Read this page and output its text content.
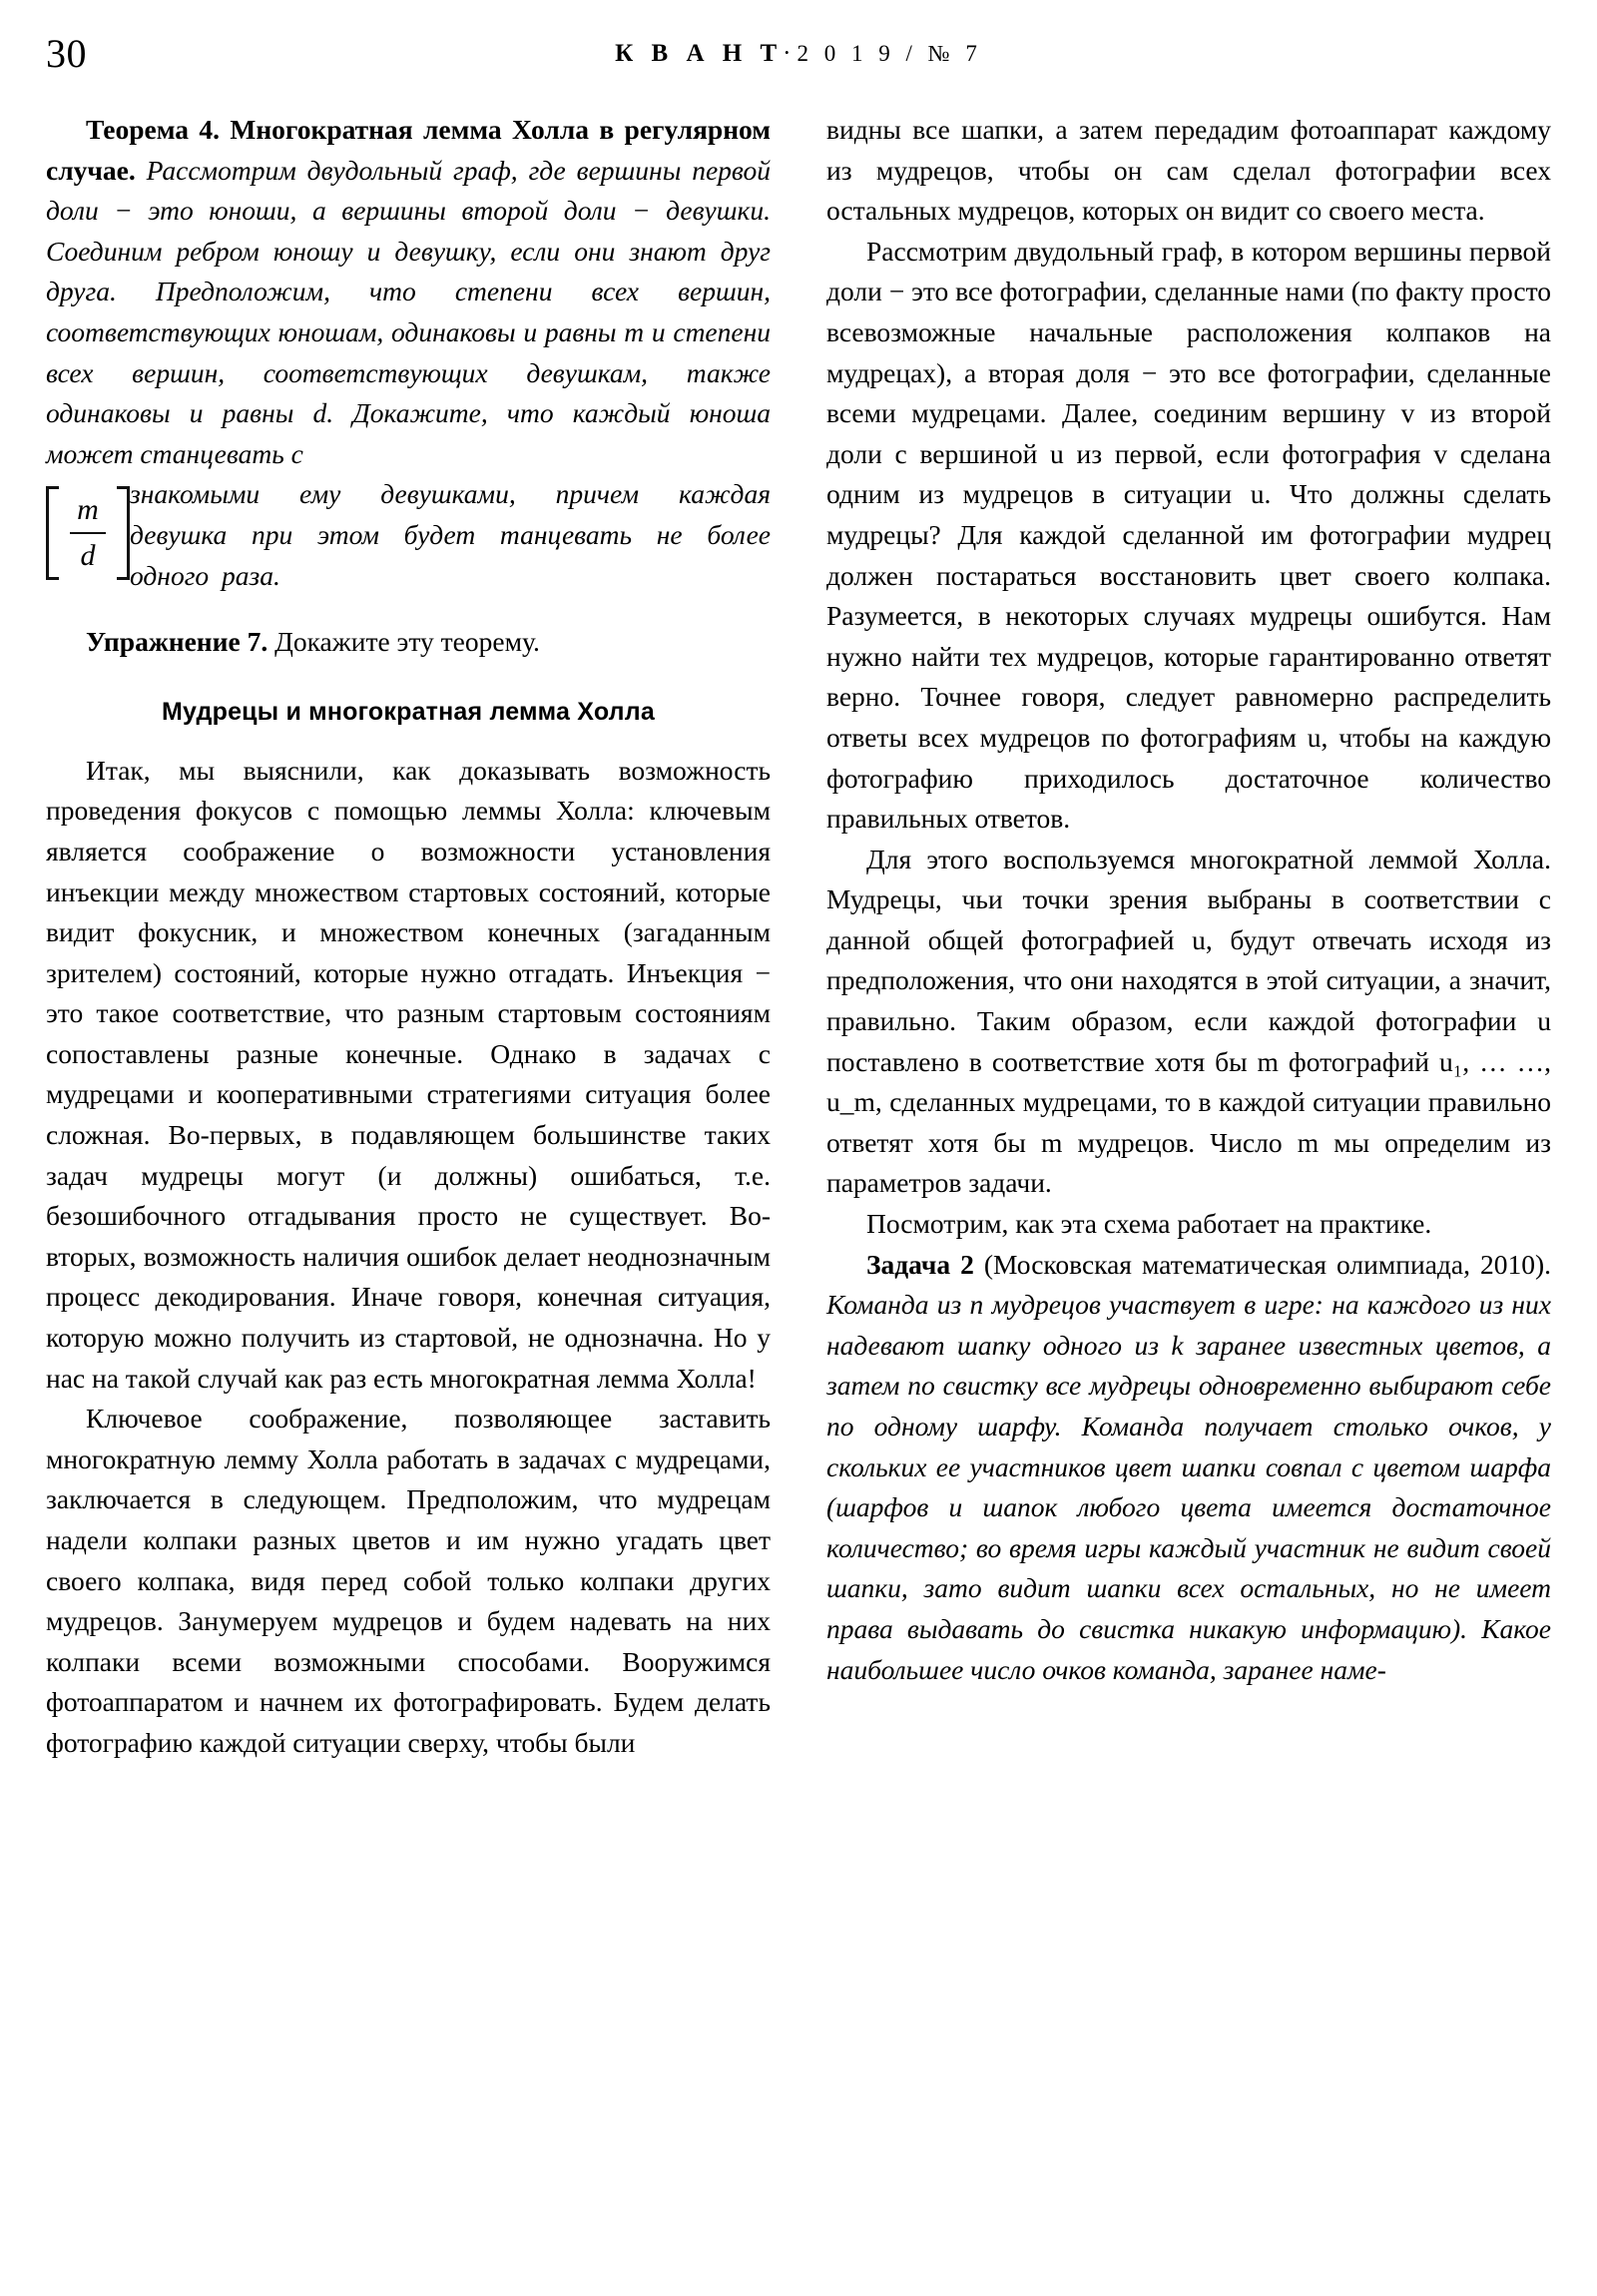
30	К В А Н Т·2 0 1 9 / № 7

Теорема 4. Многократная лемма Холла в регулярном случае. Рассмотрим двудольный граф, где вершины первой доли − это юноши, а вершины второй доли − девушки. Соединим ребром юношу и девушку, если они знают друг друга. Предположим, что степени всех вершин, соответствующих юношам, одинаковы и равны m и степени всех вершин, соответствующих девушкам, также одинаковы и равны d. Докажите, что каждый юноша может станцевать с

$\frac{m}{d}$
знакомыми ему девушками, причем каждая девушка при этом будет танцевать не более одного раза.

Упражнение 7. Докажите эту теорему.

Мудрецы и многократная лемма Холла

Итак, мы выяснили, как доказывать возможность проведения фокусов с помощью леммы Холла: ключевым является соображение о возможности установления инъекции между множеством стартовых состояний, которые видит фокусник, и множеством конечных (загаданным зрителем) состояний, которые нужно отгадать. Инъекция − это такое соответствие, что разным стартовым состояниям сопоставлены разные конечные. Однако в задачах с мудрецами и кооперативными стратегиями ситуация более сложная. Во-первых, в подавляющем большинстве таких задач мудрецы могут (и должны) ошибаться, т.е. безошибочного отгадывания просто не существует. Во-вторых, возможность наличия ошибок делает неоднозначным процесс декодирования. Иначе говоря, конечная ситуация, которую можно получить из стартовой, не однозначна. Но у нас на такой случай как раз есть многократная лемма Холла!

Ключевое соображение, позволяющее заставить многократную лемму Холла работать в задачах с мудрецами, заключается в следующем. Предположим, что мудрецам надели колпаки разных цветов и им нужно угадать цвет своего колпака, видя перед собой только колпаки других мудрецов. Занумеруем мудрецов и будем надевать на них колпаки всеми возможными способами. Вооружимся фотоаппаратом и начнем их фотографировать. Будем делать фотографию каждой ситуации сверху, чтобы были

видны все шапки, а затем передадим фотоаппарат каждому из мудрецов, чтобы он сам сделал фотографии всех остальных мудрецов, которых он видит со своего места.

Рассмотрим двудольный граф, в котором вершины первой доли − это все фотографии, сделанные нами (по факту просто всевозможные начальные расположения колпаков на мудрецах), а вторая доля − это все фотографии, сделанные всеми мудрецами. Далее, соединим вершину v из второй доли с вершиной u из первой, если фотография v сделана одним из мудрецов в ситуации u. Что должны сделать мудрецы? Для каждой сделанной им фотографии мудрец должен постараться восстановить цвет своего колпака. Разумеется, в некоторых случаях мудрецы ошибутся. Нам нужно найти тех мудрецов, которые гарантированно ответят верно. Точнее говоря, следует равномерно распределить ответы всех мудрецов по фотографиям u, чтобы на каждую фотографию приходилось достаточное количество правильных ответов.

Для этого воспользуемся многократной леммой Холла. Мудрецы, чьи точки зрения выбраны в соответствии с данной общей фотографией u, будут отвечать исходя из предположения, что они находятся в этой ситуации, а значит, правильно. Таким образом, если каждой фотографии u поставлено в соответствие хотя бы m фотографий u₁, … …, u_m, сделанных мудрецами, то в каждой ситуации правильно ответят хотя бы m мудрецов. Число m мы определим из параметров задачи.

Посмотрим, как эта схема работает на практике.

Задача 2 (Московская математическая олимпиада, 2010). Команда из n мудрецов участвует в игре: на каждого из них надевают шапку одного из k заранее известных цветов, а затем по свистку все мудрецы одновременно выбирают себе по одному шарфу. Команда получает столько очков, у скольких ее участников цвет шапки совпал с цветом шарфа (шарфов и шапок любого цвета имеется достаточное количество; во время игры каждый участник не видит своей шапки, зато видит шапки всех остальных, но не имеет права выдавать до свистка никакую информацию). Какое наибольшее число очков команда, заранее наме-
